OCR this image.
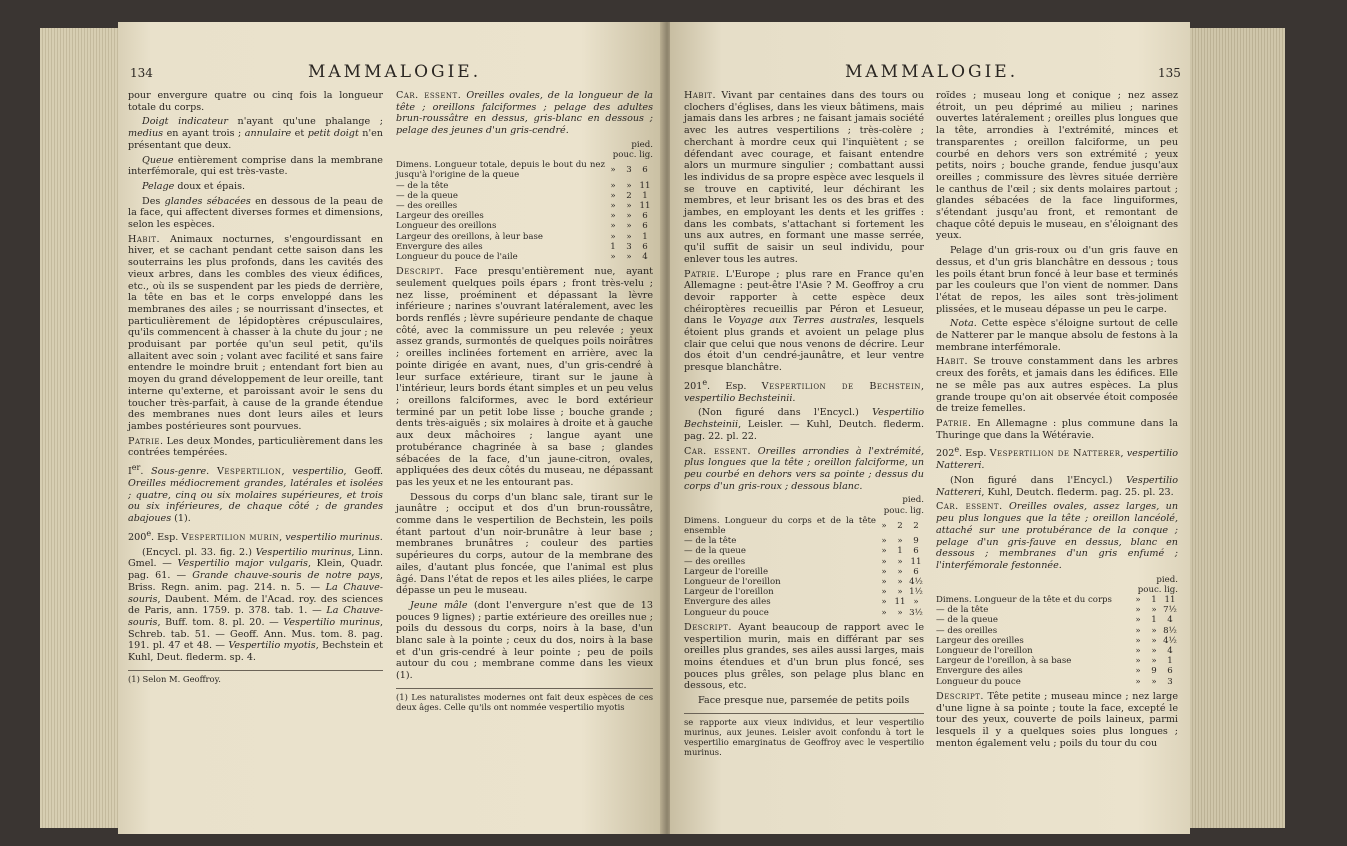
134	MAMMALOGIE.

pour envergure quatre ou cinq fois la longueur totale du corps.

Doigt indicateur n'ayant qu'une phalange ; medius en ayant trois ; annulaire et petit doigt n'en présentant que deux.

Queue entièrement comprise dans la membrane interfémorale, qui est très-vaste.

Pelage doux et épais.

Des glandes sébacées en dessous de la peau de la face, qui affectent diverses formes et dimensions, selon les espèces.

Habit. Animaux nocturnes, s'engourdissant en hiver, et se cachant pendant cette saison dans les souterrains les plus profonds, dans les cavités des vieux arbres, dans les combles des vieux édifices, etc., où ils se suspendent par les pieds de derrière, la tête en bas et le corps enveloppé dans les membranes des ailes ; se nourrissant d'insectes, et particulièrement de lépidoptères crépusculaires, qu'ils commencent à chasser à la chute du jour ; ne produisant par portée qu'un seul petit, qu'ils allaitent avec soin ; volant avec facilité et sans faire entendre le moindre bruit ; entendant fort bien au moyen du grand développement de leur oreille, tant interne qu'externe, et paroissant avoir le sens du toucher très-parfait, à cause de la grande étendue des membranes nues dont leurs ailes et leurs jambes postérieures sont pourvues.

Patrie. Les deux Mondes, particulièrement dans les contrées tempérées.

Ier. Sous-genre. Vespertilion, vespertilio, Geoff. Oreilles médiocrement grandes, latérales et isolées ; quatre, cinq ou six molaires supérieures, et trois ou six inférieures, de chaque côté ; de grandes abajoues (1).

200e. Esp. Vespertilion murin, vespertilio murinus.

(Encycl. pl. 33. fig. 2.) Vespertilio murinus, Linn. Gmel. — Vespertilio major vulgaris, Klein, Quadr. pag. 61. — Grande chauve-souris de notre pays, Briss. Regn. anim. pag. 214. n. 5. — La Chauve-souris, Daubent. Mém. de l'Acad. roy. des sciences de Paris, ann. 1759. p. 378. tab. 1. — La Chauve-souris, Buff. tom. 8. pl. 20. — Vespertilio murinus, Schreb. tab. 51. — Geoff. Ann. Mus. tom. 8. pag. 191. pl. 47 et 48. — Vespertilio myotis, Bechstein et Kuhl, Deut. flederm. sp. 4.

(1) Selon M. Geoffroy.

Car. essent. Oreilles ovales, de la longueur de la tête ; oreillons falciformes ; pelage des adultes brun-roussâtre en dessus, gris-blanc en dessous ; pelage des jeunes d'un gris-cendré.

	pied. pouc. lig.		
Dimens. Longueur totale, depuis le bout du nez jusqu'à l'origine de la queue	»	3	6
— de la tête	»	»	11
— de la queue	»	2	1
— des oreilles	»	»	11
Largeur des oreilles	»	»	6
Longueur des oreillons	»	»	6
Largeur des oreillons, à leur base	»	»	1
Envergure des ailes	1	3	6
Longueur du pouce de l'aile	»	»	4

Descript. Face presqu'entièrement nue, ayant seulement quelques poils épars ; front très-velu ; nez lisse, proéminent et dépassant la lèvre inférieure ; narines s'ouvrant latéralement, avec les bords renflés ; lèvre supérieure pendante de chaque côté, avec la commissure un peu relevée ; yeux assez grands, surmontés de quelques poils noirâtres ; oreilles inclinées fortement en arrière, avec la pointe dirigée en avant, nues, d'un gris-cendré à leur surface extérieure, tirant sur le jaune à l'intérieur, leurs bords étant simples et un peu velus ; oreillons falciformes, avec le bord extérieur terminé par un petit lobe lisse ; bouche grande ; dents très-aiguës ; six molaires à droite et à gauche aux deux mâchoires ; langue ayant une protubérance chagrinée à sa base ; glandes sébacées de la face, d'un jaune-citron, ovales, appliquées des deux côtés du museau, ne dépassant pas les yeux et ne les entourant pas.

Dessous du corps d'un blanc sale, tirant sur le jaunâtre ; occiput et dos d'un brun-roussâtre, comme dans le vespertilion de Bechstein, les poils étant partout d'un noir-brunâtre à leur base ; membranes brunâtres ; couleur des parties supérieures du corps, autour de la membrane des ailes, d'autant plus foncée, que l'animal est plus âgé. Dans l'état de repos et les ailes pliées, le carpe dépasse un peu le museau.

Jeune mâle (dont l'envergure n'est que de 13 pouces 9 lignes) ; partie extérieure des oreilles nue ; poils du dessous du corps, noirs à la base, d'un blanc sale à la pointe ; ceux du dos, noirs à la base et d'un gris-cendré à leur pointe ; peu de poils autour du cou ; membrane comme dans les vieux (1).

(1) Les naturalistes modernes ont fait deux espèces de ces deux âges. Celle qu'ils ont nommée vespertilio myotis
MAMMALOGIE.	135

Habit. Vivant par centaines dans des tours ou clochers d'églises, dans les vieux bâtimens, mais jamais dans les arbres ; ne faisant jamais société avec les autres vespertilions ; très-colère ; cherchant à mordre ceux qui l'inquiètent ; se défendant avec courage, et faisant entendre alors un murmure singulier ; combattant aussi les individus de sa propre espèce avec lesquels il se trouve en captivité, leur déchirant les membres, et leur brisant les os des bras et des jambes, en employant les dents et les griffes : dans les combats, s'attachant si fortement les uns aux autres, en formant une masse serrée, qu'il suffit de saisir un seul individu, pour enlever tous les autres.

Patrie. L'Europe ; plus rare en France qu'en Allemagne : peut-être l'Asie ? M. Geoffroy a cru devoir rapporter à cette espèce deux chéiroptères recueillis par Péron et Lesueur, dans le Voyage aux Terres australes, lesquels étoient plus grands et avoient un pelage plus clair que celui que nous venons de décrire. Leur dos étoit d'un cendré-jaunâtre, et leur ventre presque blanchâtre.

201e. Esp. Vespertilion de Bechstein, vespertilio Bechsteinii.

(Non figuré dans l'Encycl.) Vespertilio Bechsteinii, Leisler. — Kuhl, Deutch. flederm. pag. 22. pl. 22.

Car. essent. Oreilles arrondies à l'extrémité, plus longues que la tête ; oreillon falciforme, un peu courbé en dehors vers sa pointe ; dessus du corps d'un gris-roux ; dessous blanc.

	pied. pouc. lig.		
Dimens. Longueur du corps et de la tête ensemble	»	2	2
— de la tête	»	»	9
— de la queue	»	1	6
— des oreilles	»	»	11
Largeur de l'oreille	»	»	6
Longueur de l'oreillon	»	»	4½
Largeur de l'oreillon	»	»	1½
Envergure des ailes	»	11	»
Longueur du pouce	»	»	3½

Descript. Ayant beaucoup de rapport avec le vespertilion murin, mais en différant par ses oreilles plus grandes, ses ailes aussi larges, mais moins étendues et d'un brun plus foncé, ses pouces plus grêles, son pelage plus blanc en dessous, etc.

Face presque nue, parsemée de petits poils

se rapporte aux vieux individus, et leur vespertilio murinus, aux jeunes. Leisler avoit confondu à tort le vespertilio emarginatus de Geoffroy avec le vespertilio murinus.

roïdes ; museau long et conique ; nez assez étroit, un peu déprimé au milieu ; narines ouvertes latéralement ; oreilles plus longues que la tête, arrondies à l'extrémité, minces et transparentes ; oreillon falciforme, un peu courbé en dehors vers son extrémité ; yeux petits, noirs ; bouche grande, fendue jusqu'aux oreilles ; commissure des lèvres située derrière le canthus de l'œil ; six dents molaires partout ; glandes sébacées de la face linguiformes, s'étendant jusqu'au front, et remontant de chaque côté depuis le museau, en s'éloignant des yeux.

Pelage d'un gris-roux ou d'un gris fauve en dessus, et d'un gris blanchâtre en dessous ; tous les poils étant brun foncé à leur base et terminés par les couleurs que l'on vient de nommer. Dans l'état de repos, les ailes sont très-joliment plissées, et le museau dépasse un peu le carpe.

Nota. Cette espèce s'éloigne surtout de celle de Natterer par le manque absolu de festons à la membrane interfémorale.

Habit. Se trouve constamment dans les arbres creux des forêts, et jamais dans les édifices. Elle ne se mêle pas aux autres espèces. La plus grande troupe qu'on ait observée étoit composée de treize femelles.

Patrie. En Allemagne : plus commune dans la Thuringe que dans la Wétéravie.

202e. Esp. Vespertilion de Natterer, vespertilio Nattereri.

(Non figuré dans l'Encycl.) Vespertilio Nattereri, Kuhl, Deutch. flederm. pag. 25. pl. 23.

Car. essent. Oreilles ovales, assez larges, un peu plus longues que la tête ; oreillon lancéolé, attaché sur une protubérance de la conque ; pelage d'un gris-fauve en dessus, blanc en dessous ; membranes d'un gris enfumé ; l'interfémorale festonnée.

	pied. pouc. lig.		
Dimens. Longueur de la tête et du corps	»	1	11
— de la tête	»	»	7½
— de la queue	»	1	4
— des oreilles	»	»	8½
Largeur des oreilles	»	»	4½
Longueur de l'oreillon	»	»	4
Largeur de l'oreillon, à sa base	»	»	1
Envergure des ailes	»	9	6
Longueur du pouce	»	»	3

Descript. Tête petite ; museau mince ; nez large d'une ligne à sa pointe ; toute la face, excepté le tour des yeux, couverte de poils laineux, parmi lesquels il y a quelques soies plus longues ; menton également velu ; poils du tour du cou
